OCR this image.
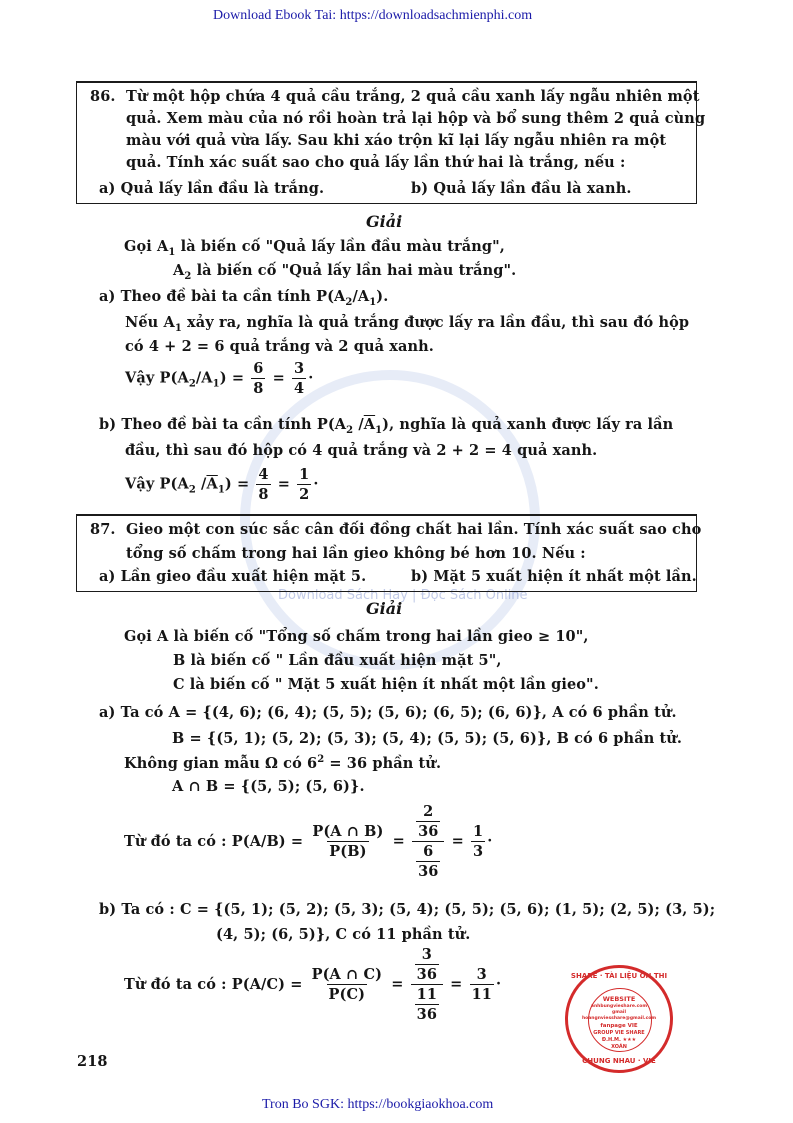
Download Ebook Tai: https://downloadsachmienphi.com
Tron Bo SGK: https://bookgiaokhoa.com
218
Download Sách Hay | Đọc Sách Online
86. Từ một hộp chứa 4 quả cầu trắng, 2 quả cầu xanh lấy ngẫu nhiên một
quả. Xem màu của nó rồi hoàn trả lại hộp và bổ sung thêm 2 quả cùng
màu với quả vừa lấy. Sau khi xáo trộn kĩ lại lấy ngẫu nhiên ra một
quả. Tính xác suất sao cho quả lấy lần thứ hai là trắng, nếu :
a) Quả lấy lần đầu là trắng.	b) Quả lấy lần đầu là xanh.
Giải
Gọi $A_1$ là biến cố "Quả lấy lần đầu màu trắng",
$A_2$ là biến cố "Quả lấy lần hai màu trắng".
a) Theo đề bài ta cần tính $P(A_2/A_1)$.
Nếu $A_1$ xảy ra, nghĩa là quả trắng được lấy ra lần đầu, thì sau đó hộp
có 4 + 2 = 6 quả trắng và 2 quả xanh.
Vậy $P(A_2/A_1) = \frac{6}{8} = \frac{3}{4}$ ·
b) Theo đề bài ta cần tính $P(A_2$ $/\overline{A}_1$), nghĩa là quả xanh được lấy ra lần
đầu, thì sau đó hộp có 4 quả trắng và 2 + 2 = 4 quả xanh.
Vậy $P(A_2$ $/\overline{A}_1) = \frac{4}{8} = \frac{1}{2}$ ·
87. Gieo một con súc sắc cân đối đồng chất hai lần. Tính xác suất sao cho
tổng số chấm trong hai lần gieo không bé hơn 10. Nếu :
a) Lần gieo đầu xuất hiện mặt 5.	b) Mặt 5 xuất hiện ít nhất một lần.
Giải
Gọi A là biến cố "Tổng số chấm trong hai lần gieo ≥ 10",
B là biến cố " Lần đầu xuất hiện mặt 5",
C là biến cố " Mặt 5 xuất hiện ít nhất một lần gieo".
a) Ta có A = {(4, 6); (6, 4); (5, 5); (5, 6); (6, 5); (6, 6)}, A có 6 phần tử.
B = {(5, 1); (5, 2); (5, 3); (5, 4); (5, 5); (5, 6)}, B có 6 phần tử.
Không gian mẫu Ω có $6^2 = 36$ phần tử.
A ∩ B = {(5, 5); (5, 6)}.
Từ đó ta có : $P(A/B) = \frac{P(A \cap B)}{P(B)} = \frac{\frac{2}{36}}{\frac{6}{36}} = \frac{1}{3}$ ·
b) Ta có : C = {(5, 1); (5, 2); (5, 3); (5, 4); (5, 5); (5, 6); (1, 5); (2, 5); (3, 5);
(4, 5); (6, 5)}, C có 11 phần tử.
Từ đó ta có : $P(A/C) = \frac{P(A \cap C)}{P(C)} = \frac{\frac{3}{36}}{\frac{11}{36}} = \frac{3}{11}$ ·	SHARE · TÀI LIỆU ÔN THI
WEBSITE
anhbungvieshare.com
gmail
hoangnviesshare@gmail.com
fanpage VIE
GROUP VIE SHARE
Đ.H.M. ★★★
XOÁN
CHUNG NHAU · VIE
